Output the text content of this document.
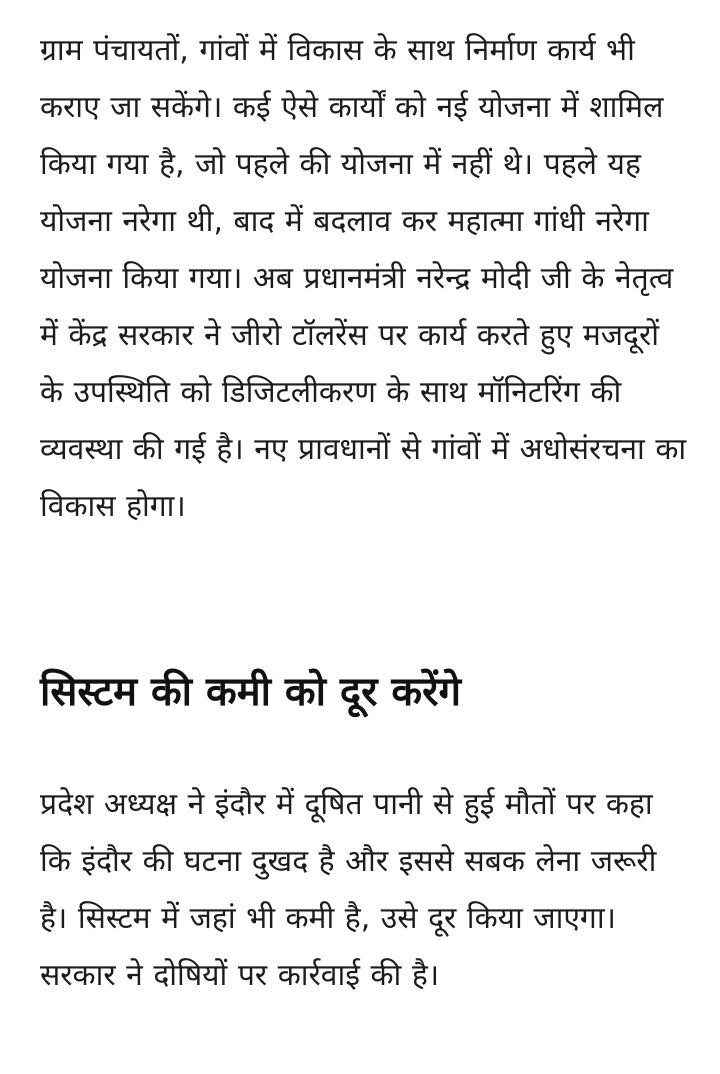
ग्राम पंचायतों, गांवों में विकास के साथ निर्माण कार्य भी कराए जा सकेंगे। कई ऐसे कार्यों को नई योजना में शामिल किया गया है, जो पहले की योजना में नहीं थे। पहले यह योजना नरेगा थी, बाद में बदलाव कर महात्मा गांधी नरेगा योजना किया गया। अब प्रधानमंत्री नरेन्द्र मोदी जी के नेतृत्व में केंद्र सरकार ने जीरो टॉलरेंस पर कार्य करते हुए मजदूरों के उपस्थिति को डिजिटलीकरण के साथ मॉनिटरिंग की व्यवस्था की गई है। नए प्रावधानों से गांवों में अधोसंरचना का विकास होगा।

सिस्टम की कमी को दूर करेंगे

प्रदेश अध्यक्ष ने इंदौर में दूषित पानी से हुई मौतों पर कहा कि इंदौर की घटना दुखद है और इससे सबक लेना जरूरी है। सिस्टम में जहां भी कमी है, उसे दूर किया जाएगा। सरकार ने दोषियों पर कार्रवाई की है।
